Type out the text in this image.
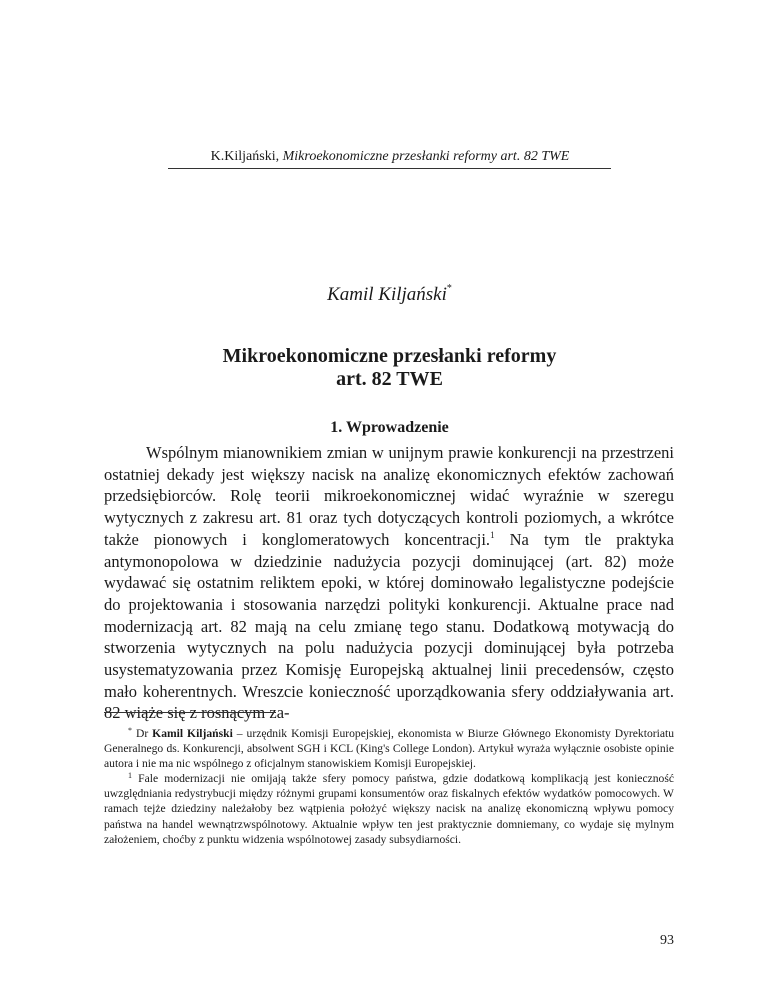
K.Kiljański, Mikroekonomiczne przesłanki reformy art. 82 TWE
Kamil Kiljański*
Mikroekonomiczne przesłanki reformy
art. 82 TWE
1. Wprowadzenie

Wspólnym mianownikiem zmian w unijnym prawie konkurencji na przestrzeni ostatniej dekady jest większy nacisk na analizę ekonomicznych efektów zachowań przedsiębiorców. Rolę teorii mikroekonomicznej widać wyraźnie w szeregu wytycznych z zakresu art. 81 oraz tych dotyczących kontroli poziomych, a wkrótce także pionowych i konglomeratowych koncentracji.$^1$ Na tym tle praktyka antymonopolowa w dziedzinie nadużycia pozycji dominującej (art. 82) może wydawać się ostatnim reliktem epoki, w której dominowało legalistyczne podejście do projektowania i stosowania narzędzi polityki konkurencji. Aktualne prace nad modernizacją art. 82 mają na celu zmianę tego stanu. Dodatkową motywacją do stworzenia wytycznych na polu nadużycia pozycji dominującej była potrzeba usystematyzowania przez Komisję Europejską aktualnej linii precedensów, często mało koherentnych. Wreszcie konieczność uporządkowania sfery oddziaływania art. 82 wiąże się z rosnącym za-

* Dr Kamil Kiljański – urzędnik Komisji Europejskiej, ekonomista w Biurze Głównego Ekonomisty Dyrektoriatu Generalnego ds. Konkurencji, absolwent SGH i KCL (King's College London). Artykuł wyraża wyłącznie osobiste opinie autora i nie ma nic wspólnego z oficjalnym stanowiskiem Komisji Europejskiej.

$^1$ Fale modernizacji nie omijają także sfery pomocy państwa, gdzie dodatkową komplikacją jest konieczność uwzględniania redystrybucji między różnymi grupami konsumentów oraz fiskalnych efektów wydatków pomocowych. W ramach tejże dziedziny należałoby bez wątpienia położyć większy nacisk na analizę ekonomiczną wpływu pomocy państwa na handel wewnątrzwspólnotowy. Aktualnie wpływ ten jest praktycznie domniemany, co wydaje się mylnym założeniem, choćby z punktu widzenia wspólnotowej zasady subsydiarności.

93
